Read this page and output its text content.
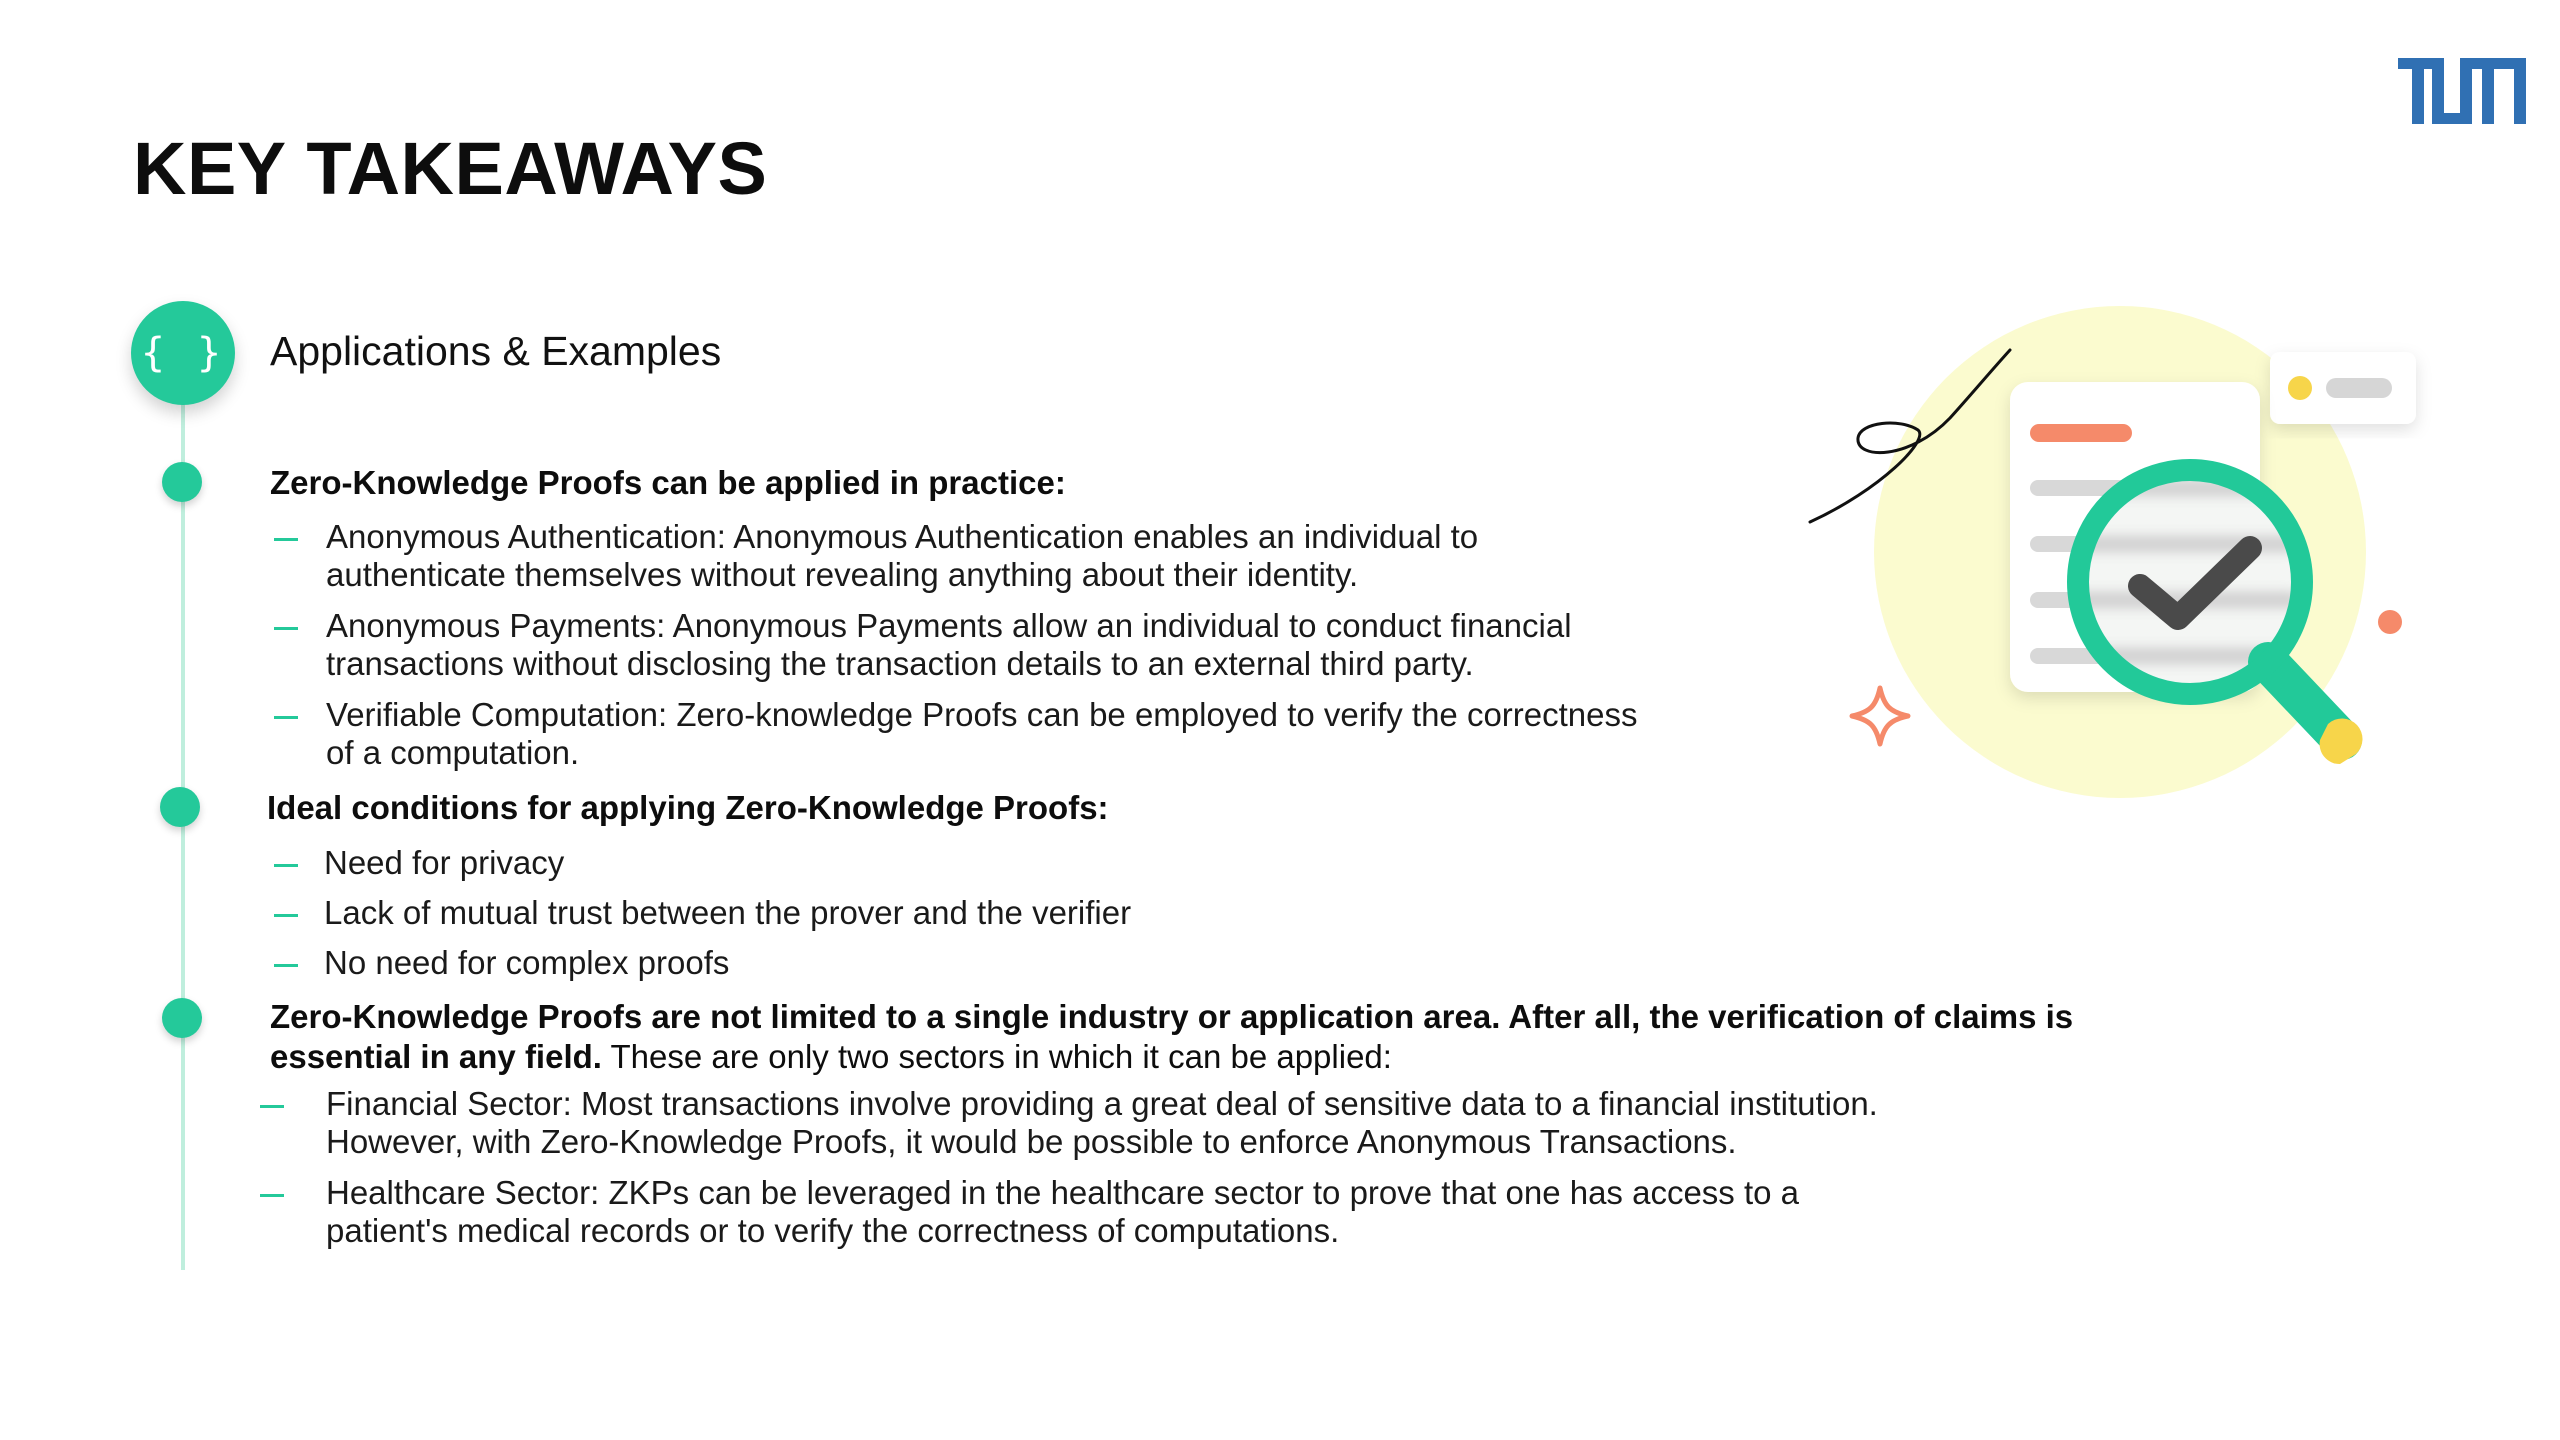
KEY TAKEAWAYS
{ } Applications & Examples

Zero-Knowledge Proofs can be applied in practice:

Anonymous Authentication: Anonymous Authentication enables an individual to
authenticate themselves without revealing anything about their identity.
Anonymous Payments: Anonymous Payments allow an individual to conduct financial
transactions without disclosing the transaction details to an external third party.
Verifiable Computation: Zero-knowledge Proofs can be employed to verify the correctness
of a computation.

Ideal conditions for applying Zero-Knowledge Proofs:

Need for privacy
Lack of mutual trust between the prover and the verifier
No need for complex proofs
Zero-Knowledge Proofs are not limited to a single industry or application area. After all, the verification of claims is
essential in any field. These are only two sectors in which it can be applied:
Financial Sector: Most transactions involve providing a great deal of sensitive data to a financial institution.
However, with Zero-Knowledge Proofs, it would be possible to enforce Anonymous Transactions.
Healthcare Sector: ZKPs can be leveraged in the healthcare sector to prove that one has access to a
patient's medical records or to verify the correctness of computations.
